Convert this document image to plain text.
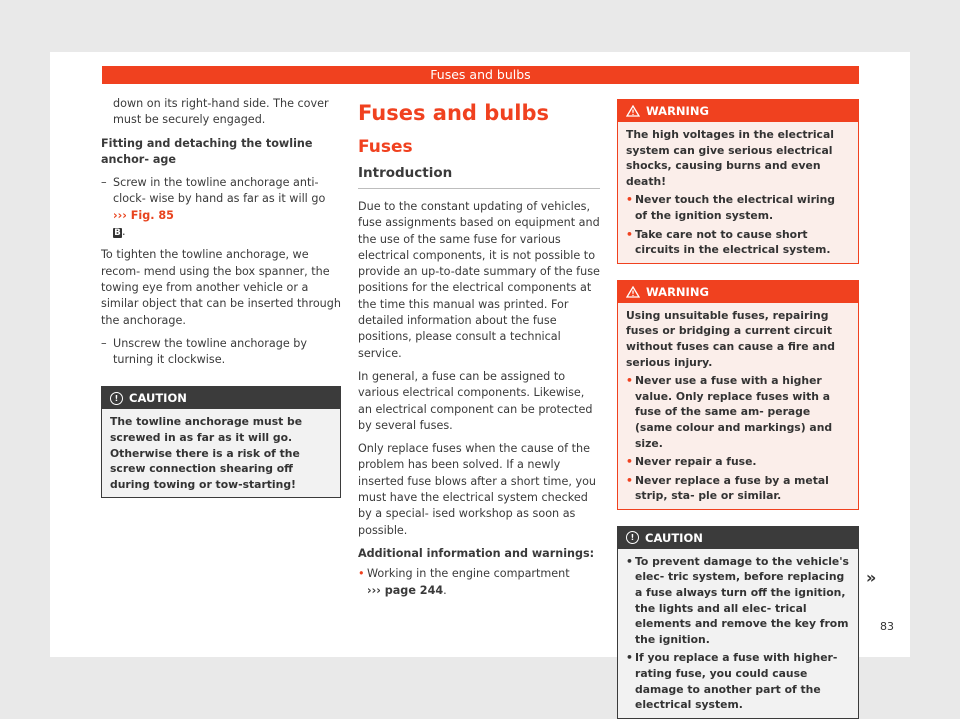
Fuses and bulbs

down on its right-hand side. The cover must be securely engaged.

Fitting and detaching the towline anchor- age

– Screw in the towline anchorage anti-clock- wise by hand as far as it will go ››› Fig. 85
B.

To tighten the towline anchorage, we recom- mend using the box spanner, the towing eye from another vehicle or a similar object that can be inserted through the anchorage.

– Unscrew the towline anchorage by turning it clockwise.
! CAUTION
The towline anchorage must be screwed in as far as it will go. Otherwise there is a risk of the screw connection shearing off during towing or tow-starting!
Fuses and bulbs
Fuses
Introduction

Due to the constant updating of vehicles, fuse assignments based on equipment and the use of the same fuse for various electrical components, it is not possible to provide an up-to-date summary of the fuse positions for the electrical components at the time this manual was printed. For detailed information about the fuse positions, please consult a technical service.

In general, a fuse can be assigned to various electrical components. Likewise, an electrical component can be protected by several fuses.

Only replace fuses when the cause of the problem has been solved. If a newly inserted fuse blows after a short time, you must have the electrical system checked by a special- ised workshop as soon as possible.

Additional information and warnings:

• Working in the engine compartment
››› page 244.
WARNING

The high voltages in the electrical system can give serious electrical shocks, causing burns and even death!

• Never touch the electrical wiring of the ignition system.

• Take care not to cause short circuits in the electrical system.

WARNING

Using unsuitable fuses, repairing fuses or bridging a current circuit without fuses can cause a fire and serious injury.

• Never use a fuse with a higher value. Only replace fuses with a fuse of the same am- perage (same colour and markings) and size.

• Never repair a fuse.

• Never replace a fuse by a metal strip, sta- ple or similar.

! CAUTION

• To prevent damage to the vehicle's elec- tric system, before replacing a fuse always turn off the ignition, the lights and all elec- trical elements and remove the key from the ignition.

• If you replace a fuse with higher-rating fuse, you could cause damage to another part of the electrical system.

»
83
